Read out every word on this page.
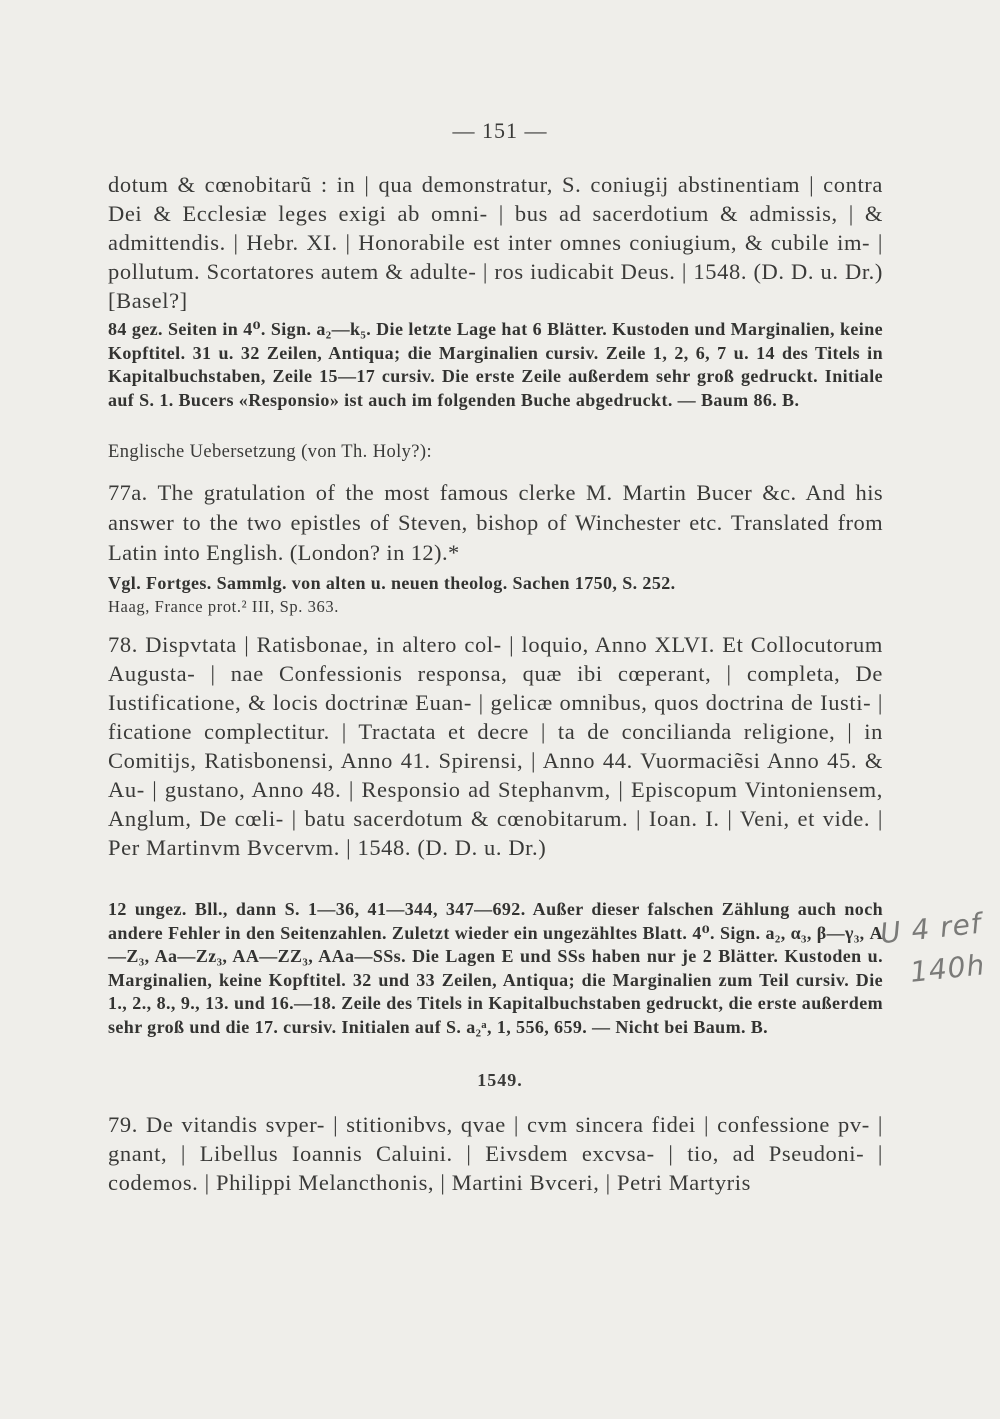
— 151 —

dotum & cœnobitarũ : in | qua demonstratur, S. coniugij abstinentiam | contra Dei & Ecclesiæ leges exigi ab omni- | bus ad sacerdotium & admissis, | & admittendis. | Hebr. XI. | Honorabile est inter omnes coniugium, & cubile im- | pollutum. Scortatores autem & adulte- | ros iudicabit Deus. | 1548. (D. D. u. Dr.) [Basel?]

84 gez. Seiten in 4⁰. Sign. a₂—k₅. Die letzte Lage hat 6 Blätter. Kustoden und Marginalien, keine Kopftitel. 31 u. 32 Zeilen, Antiqua; die Marginalien cursiv. Zeile 1, 2, 6, 7 u. 14 des Titels in Kapitalbuchstaben, Zeile 15—17 cursiv. Die erste Zeile außerdem sehr groß gedruckt. Initiale auf S. 1. Bucers «Responsio» ist auch im folgenden Buche abgedruckt. — Baum 86. B.

Englische Uebersetzung (von Th. Holy?):

77a. The gratulation of the most famous clerke M. Martin Bucer &c. And his answer to the two epistles of Steven, bishop of Winchester etc. Translated from Latin into English. (London? in 12).*

Vgl. Fortges. Sammlg. von alten u. neuen theolog. Sachen 1750, S. 252.

Haag, France prot.² III, Sp. 363.

78. Dispvtata | Ratisbonae, in altero col- | loquio, Anno XLVI. Et Collocutorum Augusta- | nae Confessionis responsa, quæ ibi cœperant, | completa, De Iustificatione, & locis doctrinæ Euan- | gelicæ omnibus, quos doctrina de Iusti- | ficatione complectitur. | Tractata et decre | ta de concilianda religione, | in Comitijs, Ratisbonensi, Anno 41. Spirensi, | Anno 44. Vuormaciẽsi Anno 45. & Au- | gustano, Anno 48. | Responsio ad Stephanvm, | Episcopum Vintoniensem, Anglum, De cœli- | batu sacerdotum & cœnobitarum. | Ioan. I. | Veni, et vide. | Per Martinvm Bvcervm. | 1548. (D. D. u. Dr.)

12 ungez. Bll., dann S. 1—36, 41—344, 347—692. Außer dieser falschen Zählung auch noch andere Fehler in den Seitenzahlen. Zuletzt wieder ein ungezähltes Blatt. 4⁰. Sign. a₂, α₃, β—γ₃, A—Z₃, Aa—Zz₃, AA—ZZ₃, AAa—SSs. Die Lagen E und SSs haben nur je 2 Blätter. Kustoden u. Marginalien, keine Kopftitel. 32 und 33 Zeilen, Antiqua; die Marginalien zum Teil cursiv. Die 1., 2., 8., 9., 13. und 16.—18. Zeile des Titels in Kapitalbuchstaben gedruckt, die erste außerdem sehr groß und die 17. cursiv. Initialen auf S. a₂ᵃ, 1, 556, 659. — Nicht bei Baum. B.

U 4 ref
140h
1549.

79. De vitandis svper- | stitionibvs, qvae | cvm sincera fidei | confessione pv- | gnant, | Libellus Ioannis Caluini. | Eivsdem excvsa- | tio, ad Pseudoni- | codemos. | Philippi Melancthonis, | Martini Bvceri, | Petri Martyris
